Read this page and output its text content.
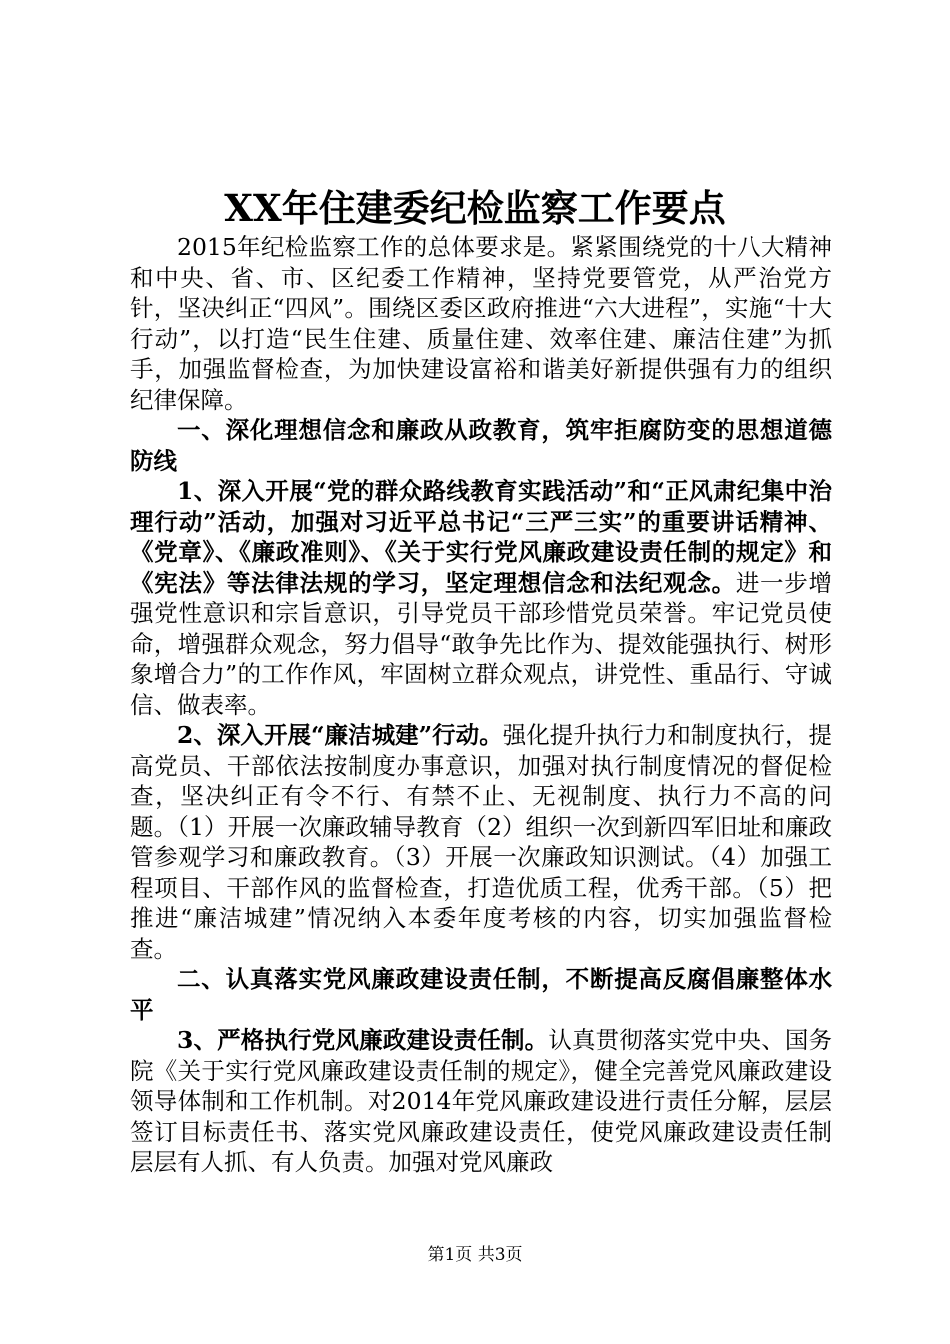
XX年住建委纪检监察工作要点

2015年纪检监察工作的总体要求是。紧紧围绕党的十八大精神和中央、省、市、区纪委工作精神，坚持党要管党，从严治党方针，坚决纠正“四风”。围绕区委区政府推进“六大进程”，实施“十大行动”，以打造“民生住建、质量住建、效率住建、廉洁住建”为抓手，加强监督检查，为加快建设富裕和谐美好新提供强有力的组织纪律保障。

一、深化理想信念和廉政从政教育，筑牢拒腐防变的思想道德防线

1、深入开展“党的群众路线教育实践活动”和“正风肃纪集中治理行动”活动，加强对习近平总书记“三严三实”的重要讲话精神、《党章》、《廉政准则》、《关于实行党风廉政建设责任制的规定》和《宪法》等法律法规的学习，坚定理想信念和法纪观念。进一步增强党性意识和宗旨意识，引导党员干部珍惜党员荣誉。牢记党员使命，增强群众观念，努力倡导“敢争先比作为、提效能强执行、树形象增合力”的工作作风，牢固树立群众观点，讲党性、重品行、守诚信、做表率。

2、深入开展“廉洁城建”行动。强化提升执行力和制度执行，提高党员、干部依法按制度办事意识，加强对执行制度情况的督促检查，坚决纠正有令不行、有禁不止、无视制度、执行力不高的问题。（1）开展一次廉政辅导教育（2）组织一次到新四军旧址和廉政管参观学习和廉政教育。（3）开展一次廉政知识测试。（4）加强工程项目、干部作风的监督检查，打造优质工程，优秀干部。（5）把推进“廉洁城建”情况纳入本委年度考核的内容，切实加强监督检查。

二、认真落实党风廉政建设责任制，不断提高反腐倡廉整体水平

3、严格执行党风廉政建设责任制。认真贯彻落实党中央、国务院《关于实行党风廉政建设责任制的规定》，健全完善党风廉政建设领导体制和工作机制。对2014年党风廉政建设进行责任分解，层层签订目标责任书、落实党风廉政建设责任，使党风廉政建设责任制层层有人抓、有人负责。加强对党风廉政

第1页 共3页
